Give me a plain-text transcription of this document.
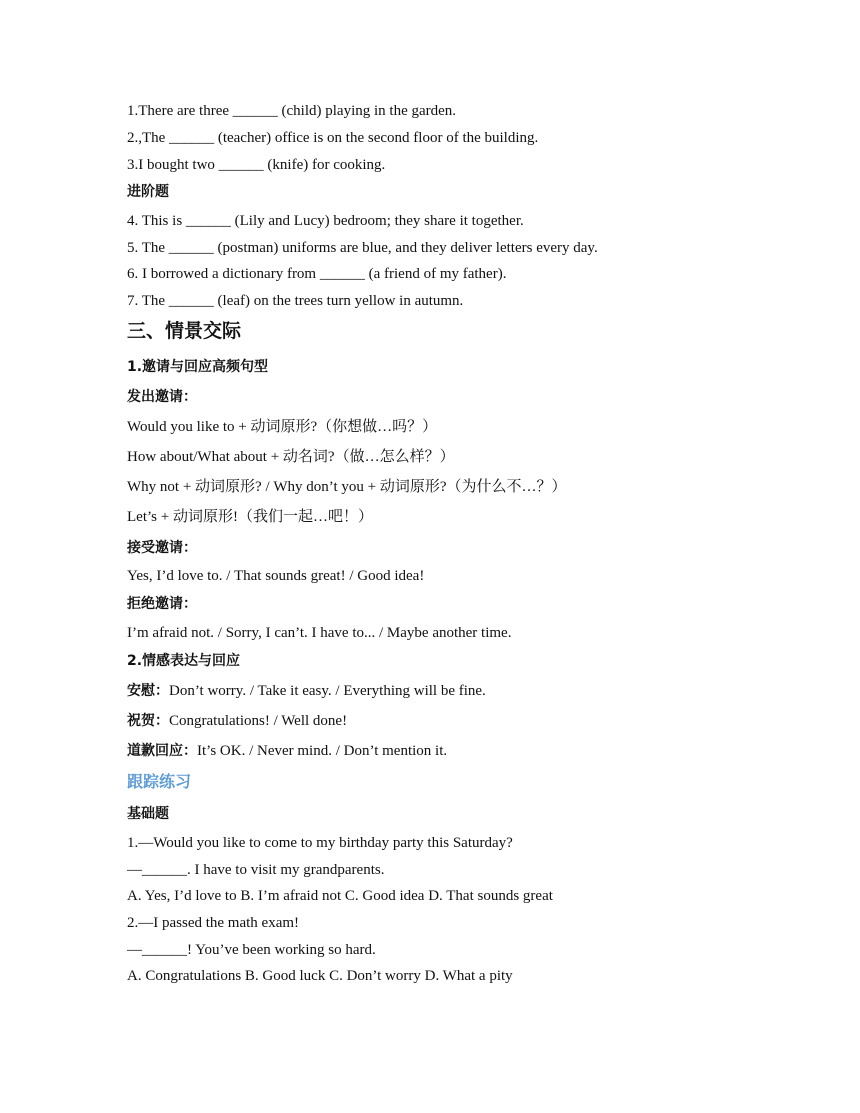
1.There are three ______ (child) playing in the garden.
2.,The ______ (teacher) office is on the second floor of the building.
3.I bought two ______ (knife) for cooking.
进阶题
4. This is ______ (Lily and Lucy) bedroom; they share it together.
5. The ______ (postman) uniforms are blue, and they deliver letters every day.
6. I borrowed a dictionary from ______ (a friend of my father).
7. The ______ (leaf) on the trees turn yellow in autumn.
三、情景交际
1.邀请与回应高频句型
发出邀请：
Would you like to + 动词原形?（你想做…吗？）
How about/What about + 动名词?（做…怎么样？）
Why not + 动词原形? / Why don’t you + 动词原形?（为什么不…？）
Let’s + 动词原形!（我们一起…吧！）
接受邀请：
Yes, I’d love to. / That sounds great! / Good idea!
拒绝邀请：
I’m afraid not. / Sorry, I can’t. I have to... / Maybe another time.
2.情感表达与回应
安慰：Don’t worry. / Take it easy. / Everything will be fine.
祝贺：Congratulations! / Well done!
道歉回应：It’s OK. / Never mind. / Don’t mention it.
跟踪练习
基础题
1.—Would you like to come to my birthday party this Saturday?
—______. I have to visit my grandparents.
A. Yes, I’d love to B. I’m afraid not C. Good idea D. That sounds great
2.—I passed the math exam!
—______! You’ve been working so hard.
A. Congratulations B. Good luck C. Don’t worry D. What a pity
